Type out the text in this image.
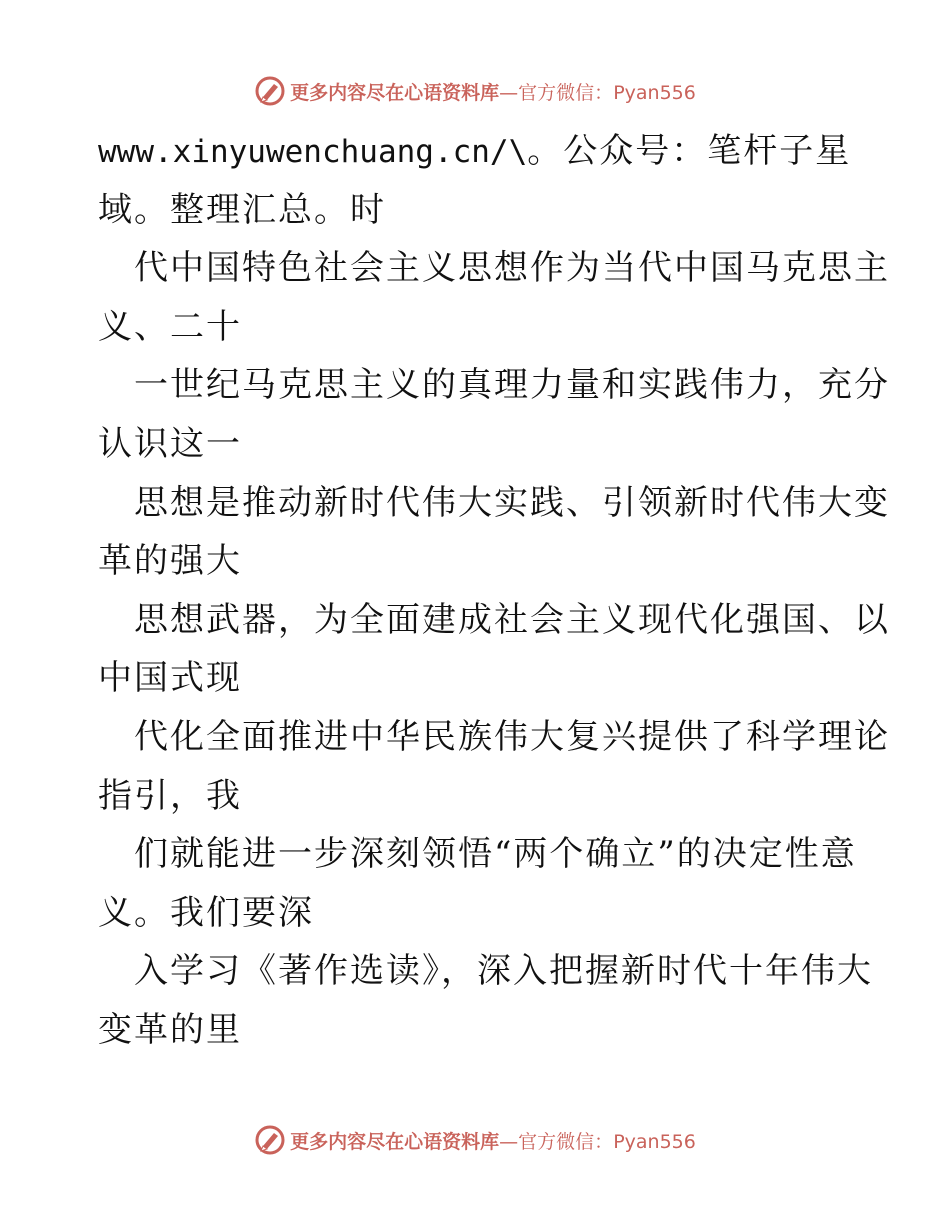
更多内容尽在心语资料库—官方微信：Pyan556
www.xinyuwenchuang.cn/\。公众号：笔杆子星
域。整理汇总。时
代中国特色社会主义思想作为当代中国马克思主
义、二十
一世纪马克思主义的真理力量和实践伟力，充分
认识这一
思想是推动新时代伟大实践、引领新时代伟大变
革的强大
思想武器，为全面建成社会主义现代化强国、以
中国式现
代化全面推进中华民族伟大复兴提供了科学理论
指引，我
们就能进一步深刻领悟“两个确立”的决定性意
义。我们要深
入学习《著作选读》，深入把握新时代十年伟大
变革的里
更多内容尽在心语资料库—官方微信：Pyan556
